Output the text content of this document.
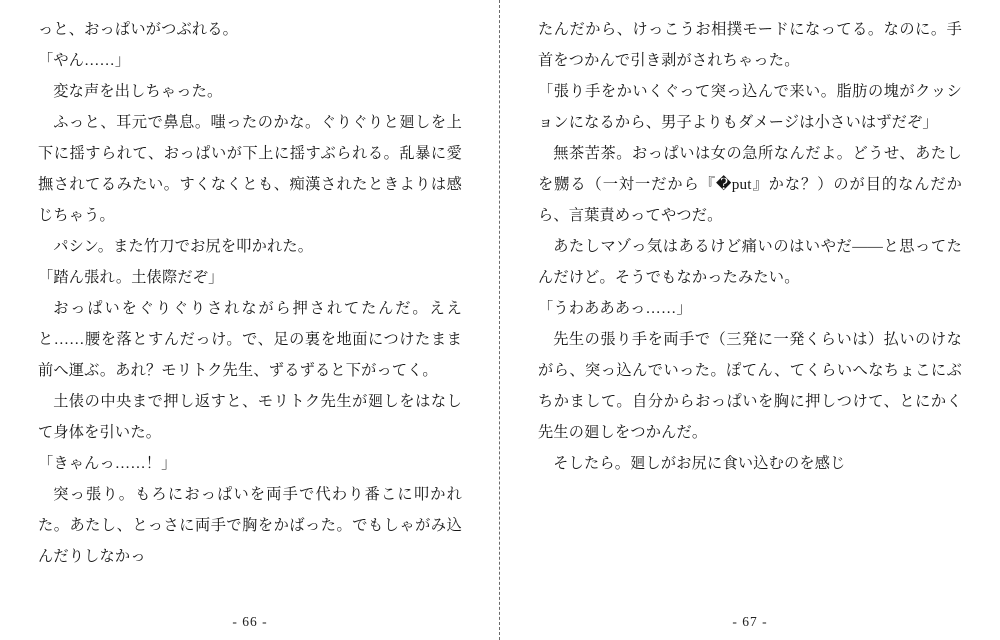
っと、おっぱいがつぶれる。

「やん……」

変な声を出しちゃった。

ふっと、耳元で鼻息。嗤ったのかな。ぐりぐりと廻しを上下に揺すられて、おっぱいが下上に揺すぶられる。乱暴に愛撫されてるみたい。すくなくとも、痴漢されたときよりは感じちゃう。

パシン。また竹刀でお尻を叩かれた。

「踏ん張れ。土俵際だぞ」

おっぱいをぐりぐりされながら押されてたんだ。ええと……腰を落とすんだっけ。で、足の裏を地面につけたまま前へ運ぶ。あれ？モリトク先生、ずるずると下がってく。

土俵の中央まで押し返すと、モリトク先生が廻しをはなして身体を引いた。

「きゃんっ……！」

突っ張り。もろにおっぱいを両手で代わり番こに叩かれた。あたし、とっさに両手で胸をかばった。でもしゃがみ込んだりしなかっ

- 66 -

たんだから、けっこうお相撲モードになってる。なのに。手首をつかんで引き剥がされちゃった。

「張り手をかいくぐって突っ込んで来い。脂肪の塊がクッションになるから、男子よりもダメージは小さいはずだぞ」

無茶苦茶。おっぱいは女の急所なんだよ。どうせ、あたしを嬲る（一対一だから『�put』かな？）のが目的なんだから、言葉責めってやつだ。

あたしマゾっ気はあるけど痛いのはいやだ――と思ってたんだけど。そうでもなかったみたい。

「うわあああっ……」

先生の張り手を両手で（三発に一発くらいは）払いのけながら、突っ込んでいった。ぽてん、てくらいへなちょこにぶちかまして。自分からおっぱいを胸に押しつけて、とにかく先生の廻しをつかんだ。

そしたら。廻しがお尻に食い込むのを感じ

- 67 -
